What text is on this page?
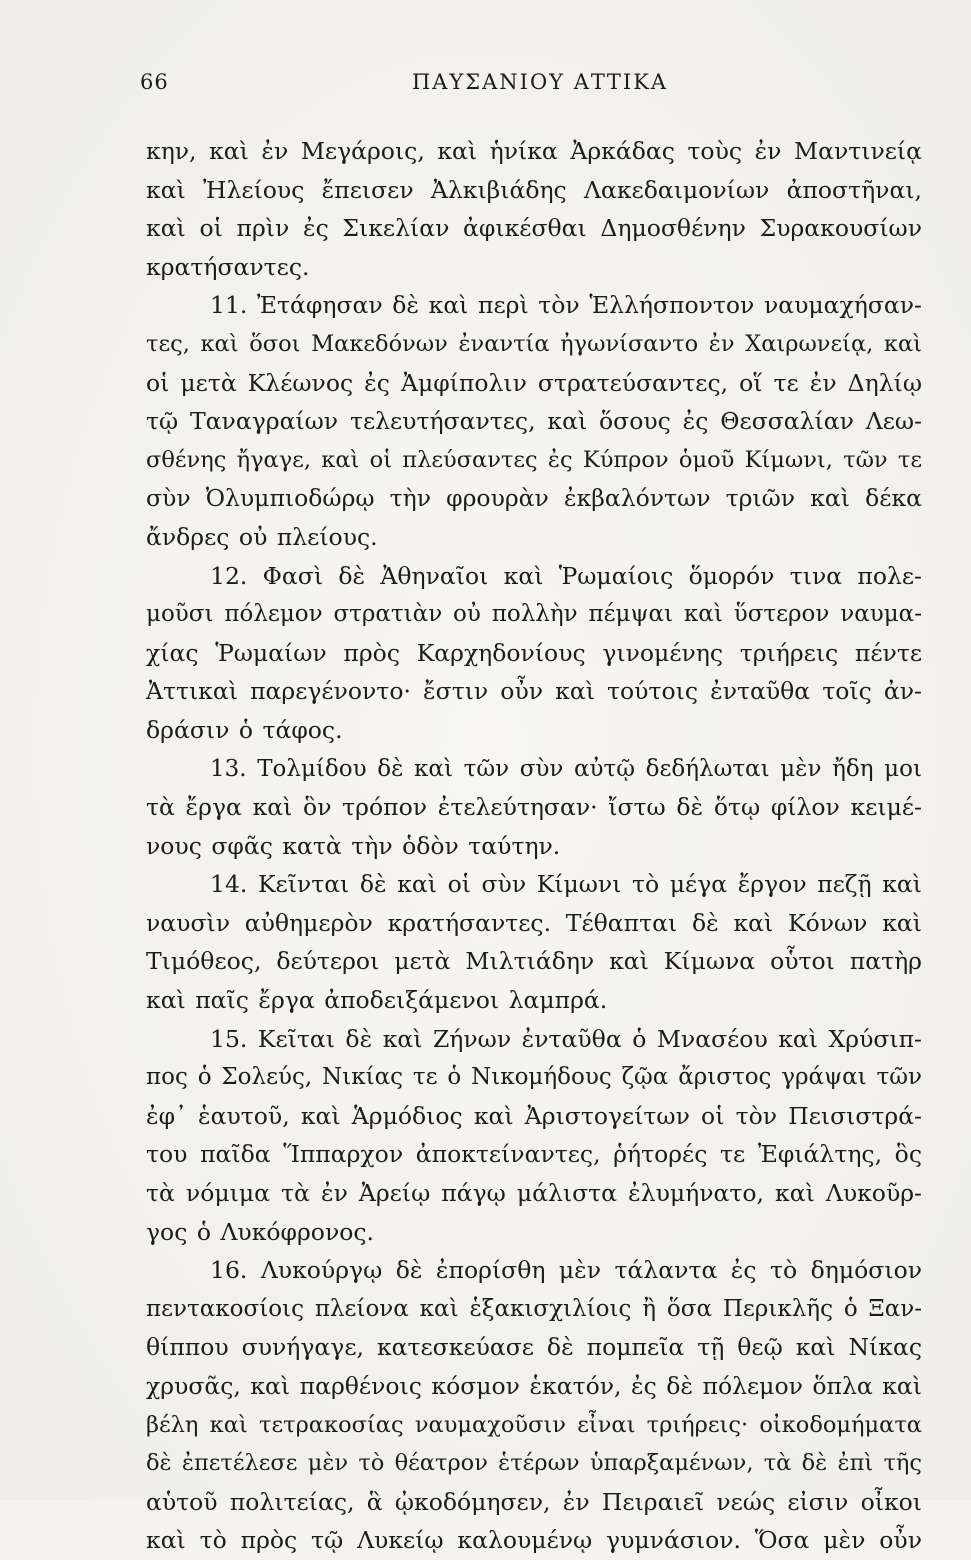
66	ΠΑΥΣΑΝΙΟΥ ΑΤΤΙΚΑ
κην, καὶ ἐν Μεγάροις, καὶ ἡνίκα Ἀρκάδας τοὺς ἐν Μαντινείᾳ
καὶ Ἠλείους ἔπεισεν Ἀλκιβιάδης Λακεδαιμονίων ἀποστῆναι,
καὶ οἱ πρὶν ἐς Σικελίαν ἀφικέσθαι Δημοσθένην Συρακουσίων
κρατήσαντες.
11. Ἐτάφησαν δὲ καὶ περὶ τὸν Ἑλλήσποντον ναυμαχήσαν-
τες, καὶ ὅσοι Μακεδόνων ἐναντία ἠγωνίσαντο ἐν Χαιρωνείᾳ, καὶ
οἱ μετὰ Κλέωνος ἐς Ἀμφίπολιν στρατεύσαντες, οἵ τε ἐν Δηλίῳ
τῷ Ταναγραίων τελευτήσαντες, καὶ ὅσους ἐς Θεσσαλίαν Λεω-
σθένης ἤγαγε, καὶ οἱ πλεύσαντες ἐς Κύπρον ὁμοῦ Κίμωνι, τῶν τε
σὺν Ὀλυμπιοδώρῳ τὴν φρουρὰν ἐκβαλόντων τριῶν καὶ δέκα
ἄνδρες οὐ πλείους.
12. Φασὶ δὲ Ἀθηναῖοι καὶ Ῥωμαίοις ὅμορόν τινα πολε-
μοῦσι πόλεμον στρατιὰν οὐ πολλὴν πέμψαι καὶ ὕστερον ναυμα-
χίας Ῥωμαίων πρὸς Καρχηδονίους γινομένης τριήρεις πέντε
Ἀττικαὶ παρεγένοντο· ἔστιν οὖν καὶ τούτοις ἐνταῦθα τοῖς ἀν-
δράσιν ὁ τάφος.
13. Τολμίδου δὲ καὶ τῶν σὺν αὐτῷ δεδήλωται μὲν ἤδη μοι
τὰ ἔργα καὶ ὃν τρόπον ἐτελεύτησαν· ἴστω δὲ ὅτῳ φίλον κειμέ-
νους σφᾶς κατὰ τὴν ὁδὸν ταύτην.
14. Κεῖνται δὲ καὶ οἱ σὺν Κίμωνι τὸ μέγα ἔργον πεζῇ καὶ
ναυσὶν αὐθημερὸν κρατήσαντες. Τέθαπται δὲ καὶ Κόνων καὶ
Τιμόθεος, δεύτεροι μετὰ Μιλτιάδην καὶ Κίμωνα οὗτοι πατὴρ
καὶ παῖς ἔργα ἀποδειξάμενοι λαμπρά.
15. Κεῖται δὲ καὶ Ζήνων ἐνταῦθα ὁ Μνασέου καὶ Χρύσιπ-
πος ὁ Σολεύς, Νικίας τε ὁ Νικομήδους ζῷα ἄριστος γράψαι τῶν
ἐφ᾽ ἑαυτοῦ, καὶ Ἁρμόδιος καὶ Ἀριστογείτων οἱ τὸν Πεισιστρά-
του παῖδα Ἵππαρχον ἀποκτείναντες, ῥήτορές τε Ἐφιάλτης, ὃς
τὰ νόμιμα τὰ ἐν Ἀρείῳ πάγῳ μάλιστα ἐλυμήνατο, καὶ Λυκοῦρ-
γος ὁ Λυκόφρονος.
16. Λυκούργῳ δὲ ἐπορίσθη μὲν τάλαντα ἐς τὸ δημόσιον
πεντακοσίοις πλείονα καὶ ἑξακισχιλίοις ἢ ὅσα Περικλῆς ὁ Ξαν-
θίππου συνήγαγε, κατεσκεύασε δὲ πομπεῖα τῇ θεῷ καὶ Νίκας
χρυσᾶς, καὶ παρθένοις κόσμον ἑκατόν, ἐς δὲ πόλεμον ὅπλα καὶ
βέλη καὶ τετρακοσίας ναυμαχοῦσιν εἶναι τριήρεις· οἰκοδομήματα
δὲ ἐπετέλεσε μὲν τὸ θέατρον ἑτέρων ὑπαρξαμένων, τὰ δὲ ἐπὶ τῆς
αὑτοῦ πολιτείας, ἃ ᾠκοδόμησεν, ἐν Πειραιεῖ νεώς εἰσιν οἶκοι
καὶ τὸ πρὸς τῷ Λυκείῳ καλουμένῳ γυμνάσιον. Ὅσα μὲν οὖν
